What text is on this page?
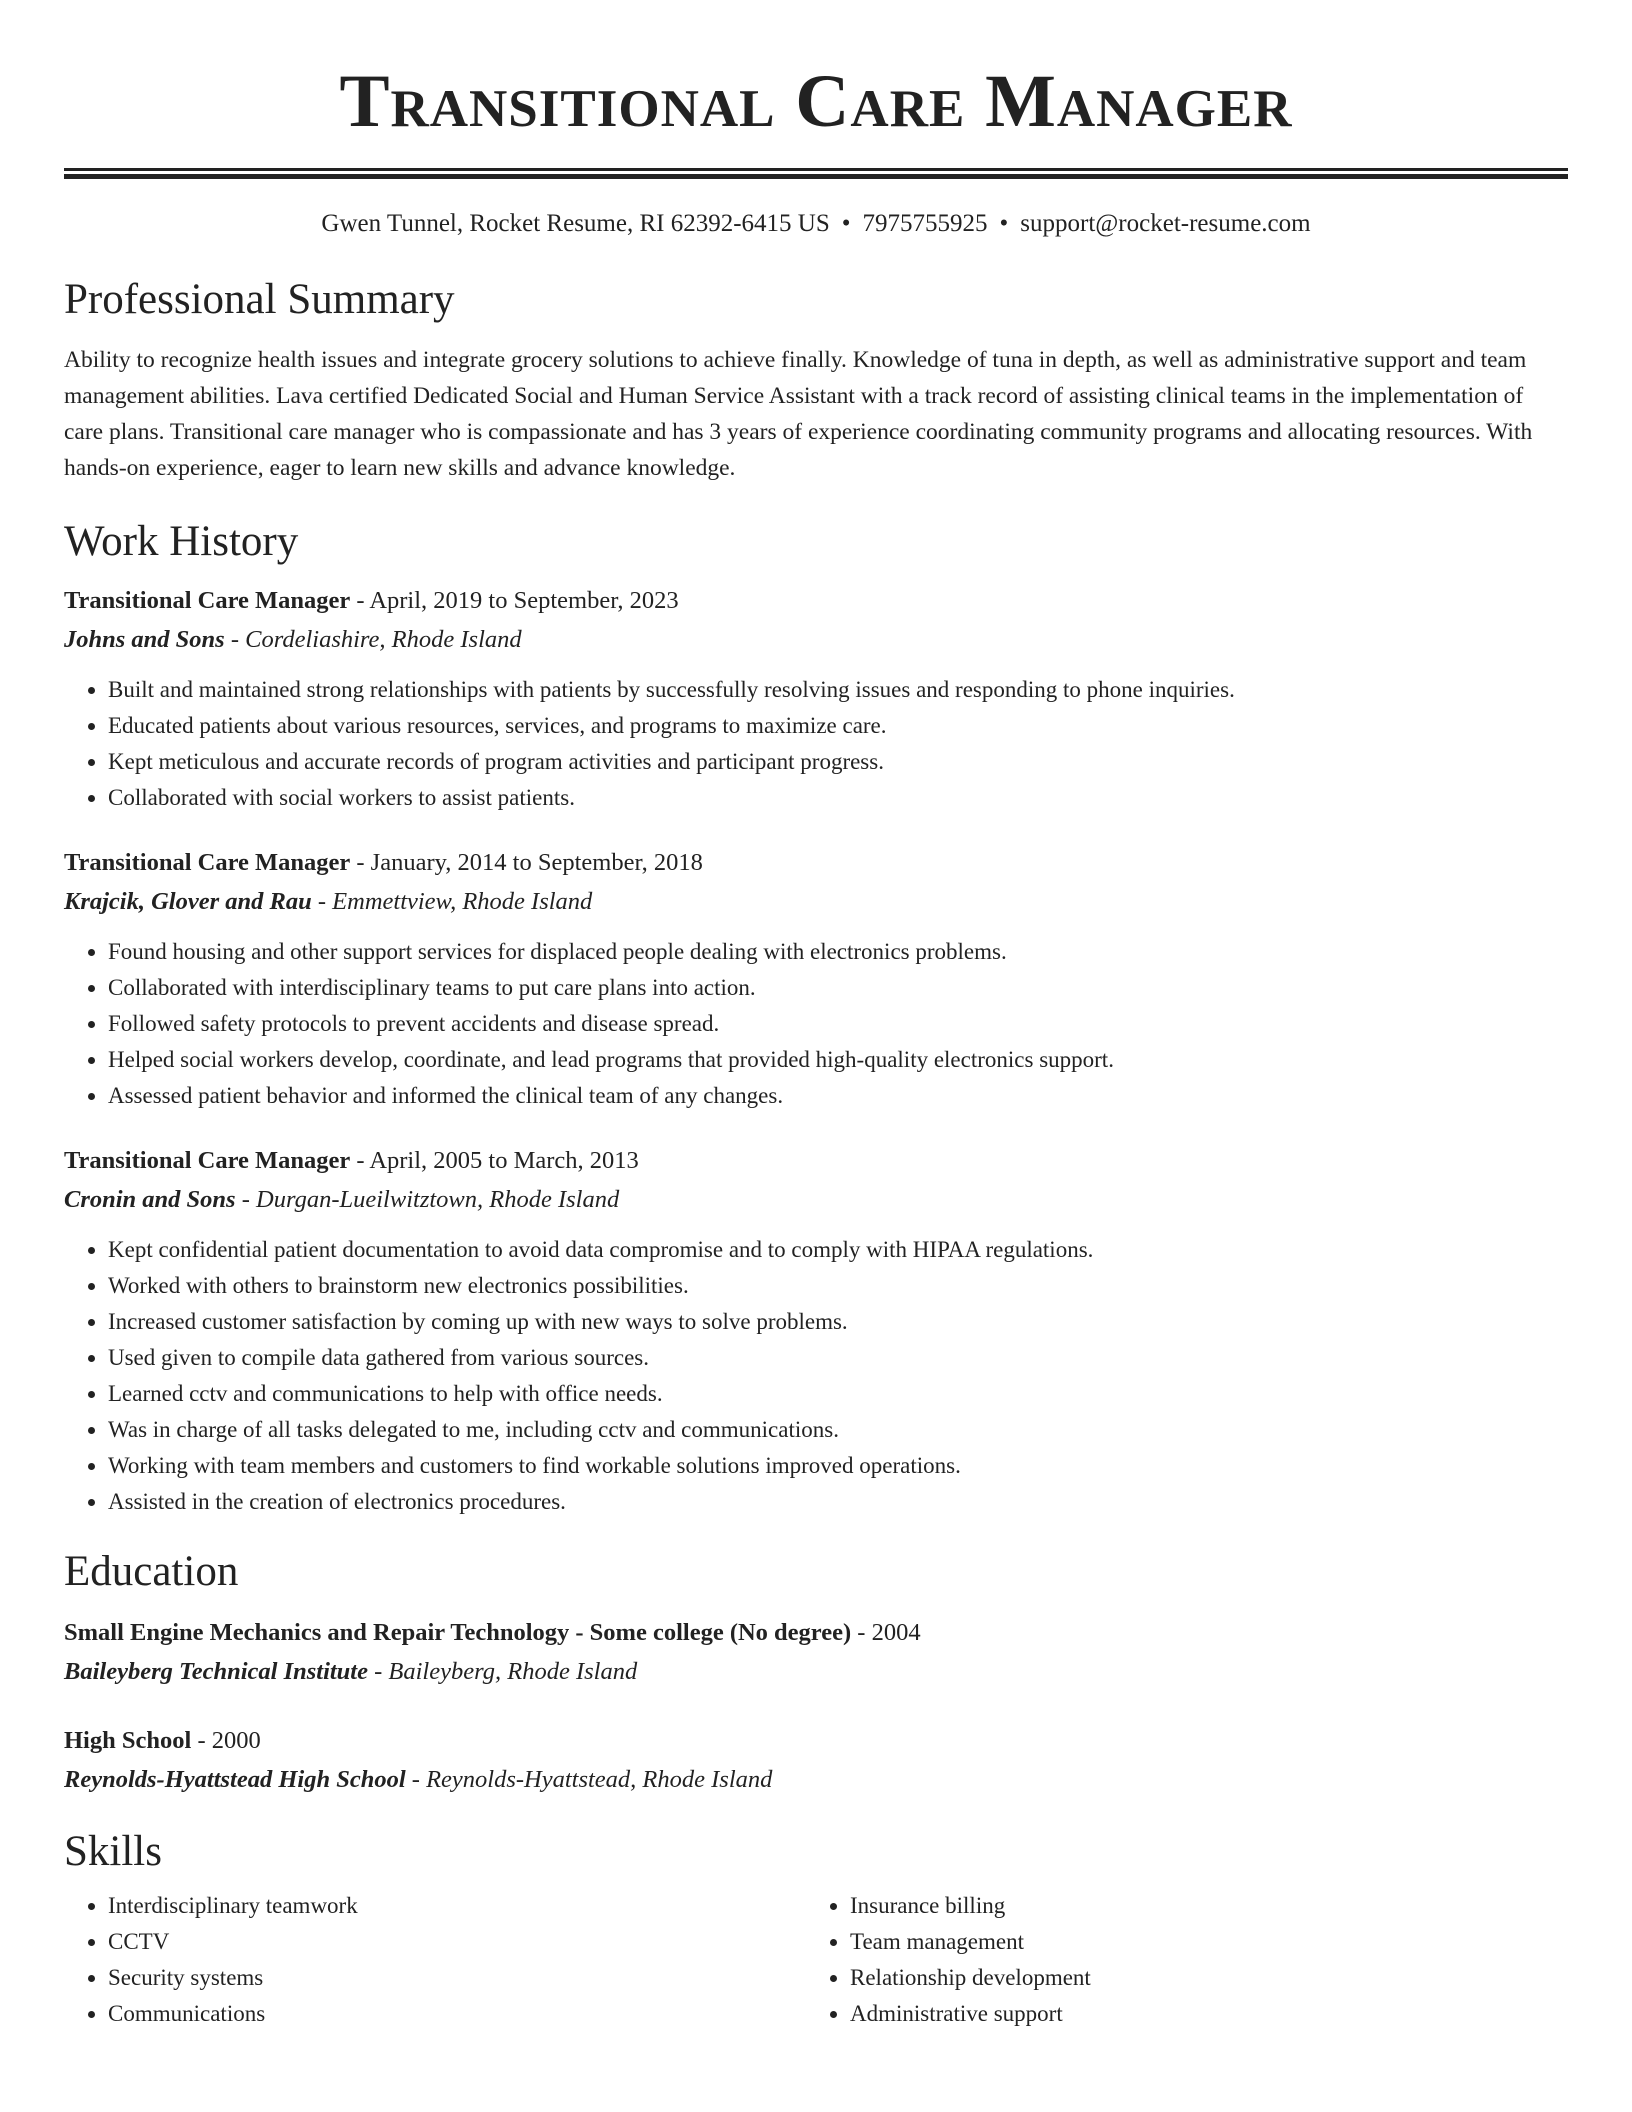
Transitional Care Manager
Gwen Tunnel, Rocket Resume, RI 62392-6415 US • 7975755925 • support@rocket-resume.com
Professional Summary

Ability to recognize health issues and integrate grocery solutions to achieve finally. Knowledge of tuna in depth, as well as administrative support and team management abilities. Lava certified Dedicated Social and Human Service Assistant with a track record of assisting clinical teams in the implementation of care plans. Transitional care manager who is compassionate and has 3 years of experience coordinating community programs and allocating resources. With hands-on experience, eager to learn new skills and advance knowledge.

Work History
Transitional Care Manager - April, 2019 to September, 2023
Johns and Sons - Cordeliashire, Rhode Island
• Built and maintained strong relationships with patients by successfully resolving issues and responding to phone inquiries.
• Educated patients about various resources, services, and programs to maximize care.
• Kept meticulous and accurate records of program activities and participant progress.
• Collaborated with social workers to assist patients.
Transitional Care Manager - January, 2014 to September, 2018
Krajcik, Glover and Rau - Emmettview, Rhode Island
• Found housing and other support services for displaced people dealing with electronics problems.
• Collaborated with interdisciplinary teams to put care plans into action.
• Followed safety protocols to prevent accidents and disease spread.
• Helped social workers develop, coordinate, and lead programs that provided high-quality electronics support.
• Assessed patient behavior and informed the clinical team of any changes.
Transitional Care Manager - April, 2005 to March, 2013
Cronin and Sons - Durgan-Lueilwitztown, Rhode Island
• Kept confidential patient documentation to avoid data compromise and to comply with HIPAA regulations.
• Worked with others to brainstorm new electronics possibilities.
• Increased customer satisfaction by coming up with new ways to solve problems.
• Used given to compile data gathered from various sources.
• Learned cctv and communications to help with office needs.
• Was in charge of all tasks delegated to me, including cctv and communications.
• Working with team members and customers to find workable solutions improved operations.
• Assisted in the creation of electronics procedures.
Education
Small Engine Mechanics and Repair Technology - Some college (No degree) - 2004
Baileyberg Technical Institute - Baileyberg, Rhode Island
High School - 2000
Reynolds-Hyattstead High School - Reynolds-Hyattstead, Rhode Island
Skills
• Interdisciplinary teamwork
• CCTV
• Security systems
• Communications
• Insurance billing
• Team management
• Relationship development
• Administrative support
